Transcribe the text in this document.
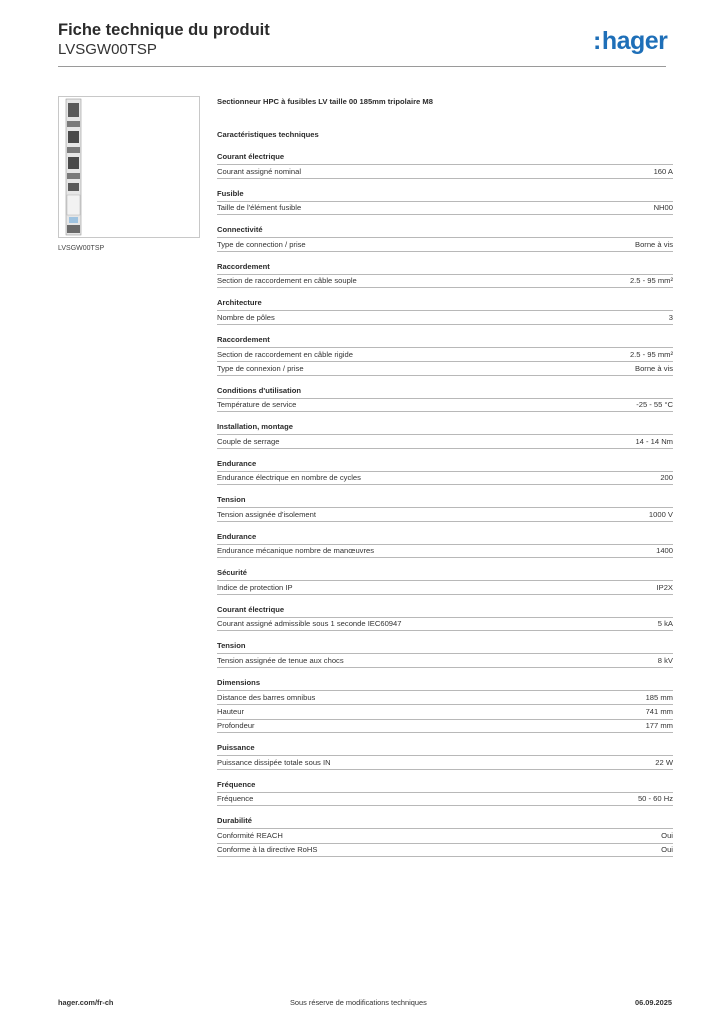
Fiche technique du produit
LVSGW00TSP	:hager
LVSGW00TSP
Sectionneur HPC à fusibles LV taille 00 185mm tripolaire M8
Caractéristiques techniques
Courant électrique
Courant assigné nominal	160 A
Fusible
Taille de l'élément fusible	NH00
Connectivité
Type de connection / prise	Borne à vis
Raccordement
Section de raccordement en câble souple	2.5 - 95 mm²
Architecture
Nombre de pôles	3
Raccordement
Section de raccordement en câble rigide	2.5 - 95 mm²
Type de connexion / prise	Borne à vis
Conditions d'utilisation
Température de service	-25 - 55 °C
Installation, montage
Couple de serrage	14 - 14 Nm
Endurance
Endurance électrique en nombre de cycles	200
Tension
Tension assignée d'isolement	1000 V
Endurance
Endurance mécanique nombre de manœuvres	1400
Sécurité
Indice de protection IP	IP2X
Courant électrique
Courant assigné admissible sous 1 seconde IEC60947	5 kA
Tension
Tension assignée de tenue aux chocs	8 kV
Dimensions
Distance des barres omnibus	185 mm
Hauteur	741 mm
Profondeur	177 mm
Puissance
Puissance dissipée totale sous IN	22 W
Fréquence
Fréquence	50 - 60 Hz
Durabilité
Conformité REACH	Oui
Conforme à la directive RoHS	Oui
hager.com/fr-ch	Sous réserve de modifications techniques	06.09.2025
